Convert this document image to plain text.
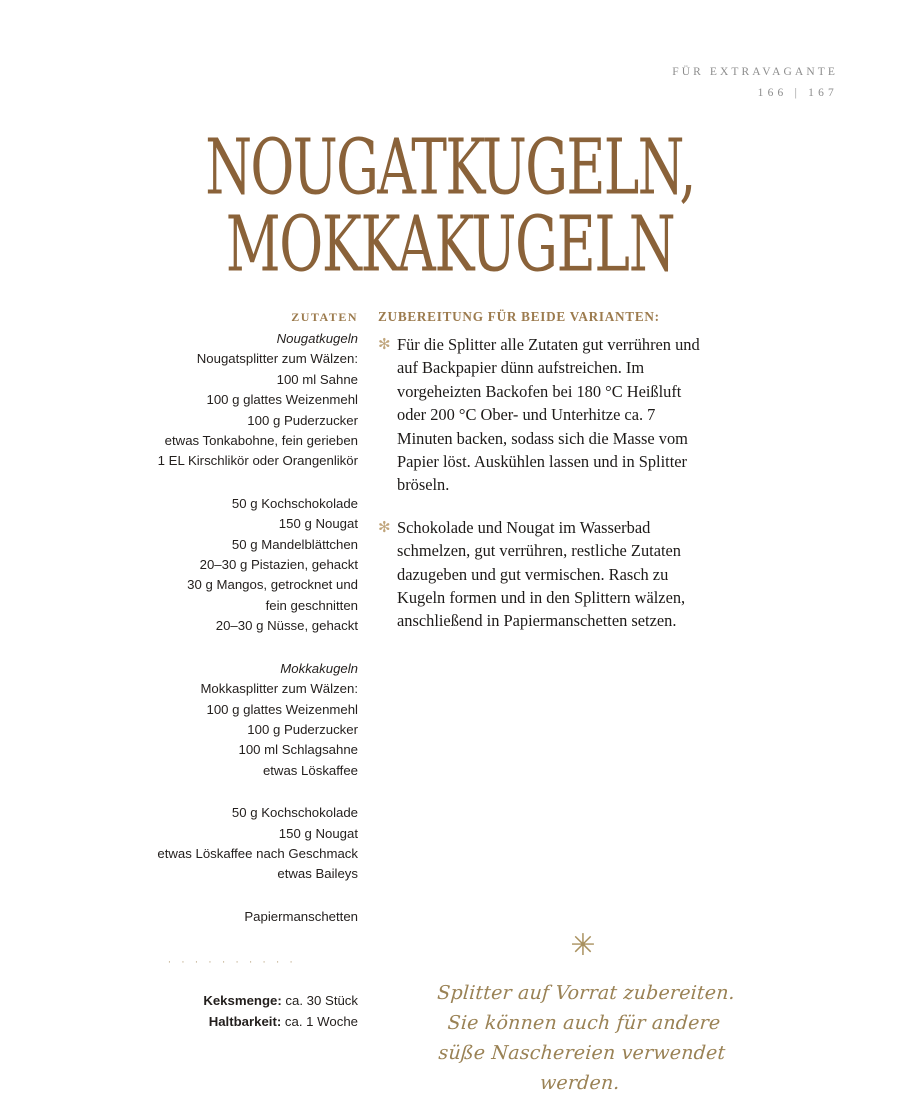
FÜR EXTRAVAGANTE
166 | 167
NOUGATKUGELN,
MOKKAKUGELN
ZUTATEN
Nougatkugeln
Nougatsplitter zum Wälzen:
100 ml Sahne
100 g glattes Weizenmehl
100 g Puderzucker
etwas Tonkabohne, fein gerieben
1 EL Kirschlikör oder Orangenlikör
50 g Kochschokolade
150 g Nougat
50 g Mandelblättchen
20–30 g Pistazien, gehackt
30 g Mangos, getrocknet und
fein geschnitten
20–30 g Nüsse, gehackt
Mokkakugeln
Mokkasplitter zum Wälzen:
100 g glattes Weizenmehl
100 g Puderzucker
100 ml Schlagsahne
etwas Löskaffee
50 g Kochschokolade
150 g Nougat
etwas Löskaffee nach Geschmack
etwas Baileys
Papiermanschetten
· · · · · · · · · ·
Keksmenge: ca. 30 Stück
Haltbarkeit: ca. 1 Woche
ZUBEREITUNG FÜR BEIDE VARIANTEN:
✻ Für die Splitter alle Zutaten gut verrühren und auf Backpapier dünn aufstreichen. Im vorgeheizten Backofen bei 180 °C Heißluft oder 200 °C Ober- und Unterhitze ca. 7 Minuten backen, sodass sich die Masse vom Papier löst. Auskühlen lassen und in Splitter bröseln.
✻ Schokolade und Nougat im Wasserbad schmelzen, gut verrühren, restliche Zutaten dazugeben und gut vermischen. Rasch zu Kugeln formen und in den Splittern wälzen, anschließend in Papiermanschetten setzen.
✳
Splitter auf Vorrat zubereiten.
Sie können auch für andere
süße Naschereien verwendet
werden.
